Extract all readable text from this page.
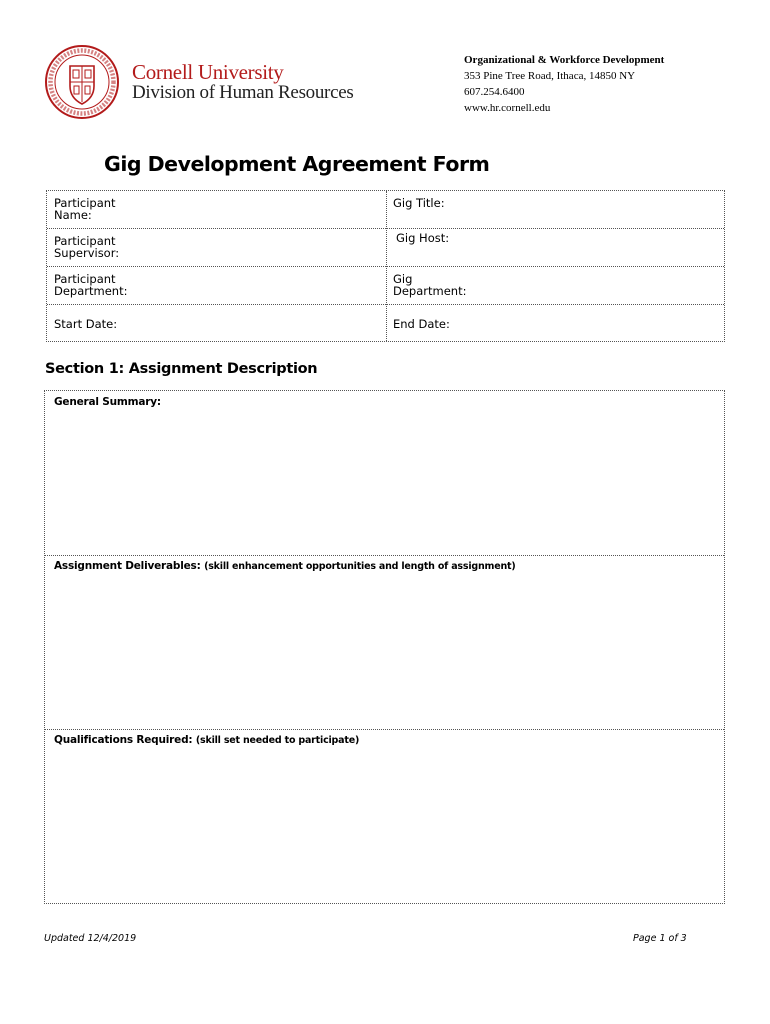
Cornell University
Division of Human Resources
Organizational & Workforce Development
353 Pine Tree Road, Ithaca, 14850 NY
607.254.6400
www.hr.cornell.edu
Gig Development Agreement Form
Participant
Name:
Gig Title:
Participant
Supervisor:
Gig Host:
Participant
Department:
Gig
Department:
Start Date:	End Date:
Section 1: Assignment Description
General Summary:
Assignment Deliverables: (skill enhancement opportunities and length of assignment)
Qualifications Required: (skill set needed to participate)
Updated 12/4/2019	Page 1 of 3
